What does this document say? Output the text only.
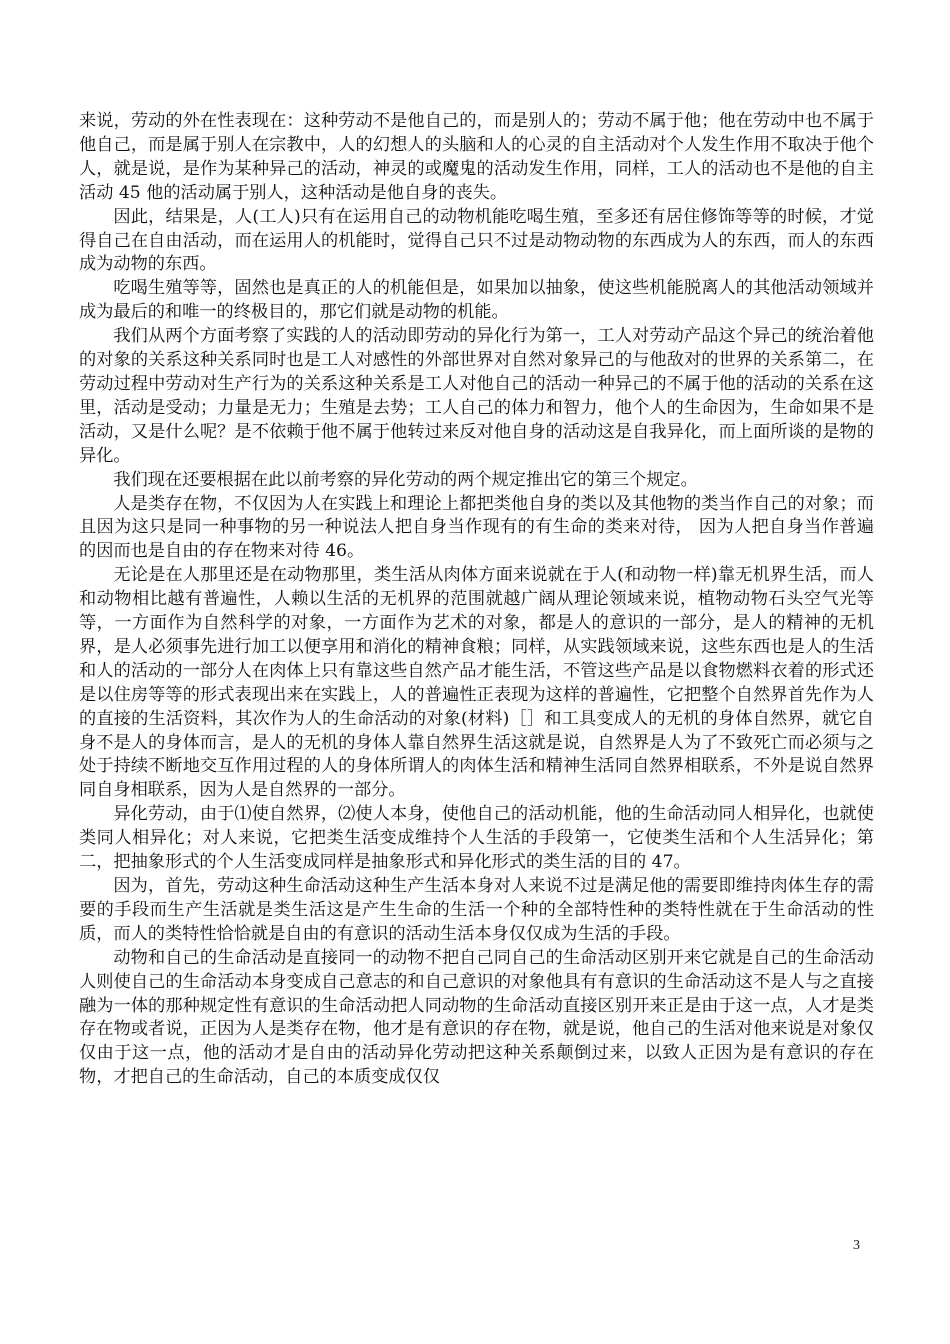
来说，劳动的外在性表现在：这种劳动不是他自己的，而是别人的；劳动不属于他；他在劳动中也不属于他自己，而是属于别人在宗教中，人的幻想人的头脑和人的心灵的自主活动对个人发生作用不取决于他个人，就是说，是作为某种异己的活动，神灵的或魔鬼的活动发生作用，同样，工人的活动也不是他的自主活动 45 他的活动属于别人，这种活动是他自身的丧失。

因此，结果是，人(工人)只有在运用自己的动物机能吃喝生殖，至多还有居住修饰等等的时候，才觉得自己在自由活动，而在运用人的机能时，觉得自己只不过是动物动物的东西成为人的东西，而人的东西成为动物的东西。

吃喝生殖等等，固然也是真正的人的机能但是，如果加以抽象，使这些机能脱离人的其他活动领域并成为最后的和唯一的终极目的，那它们就是动物的机能。

我们从两个方面考察了实践的人的活动即劳动的异化行为第一，工人对劳动产品这个异己的统治着他的对象的关系这种关系同时也是工人对感性的外部世界对自然对象异己的与他敌对的世界的关系第二，在劳动过程中劳动对生产行为的关系这种关系是工人对他自己的活动一种异己的不属于他的活动的关系在这里，活动是受动；力量是无力；生殖是去势；工人自己的体力和智力，他个人的生命因为，生命如果不是活动，又是什么呢？是不依赖于他不属于他转过来反对他自身的活动这是自我异化，而上面所谈的是物的异化。

我们现在还要根据在此以前考察的异化劳动的两个规定推出它的第三个规定。

人是类存在物，不仅因为人在实践上和理论上都把类他自身的类以及其他物的类当作自己的对象；而且因为这只是同一种事物的另一种说法人把自身当作现有的有生命的类来对待， 因为人把自身当作普遍的因而也是自由的存在物来对待 46。

无论是在人那里还是在动物那里，类生活从肉体方面来说就在于人(和动物一样)靠无机界生活，而人和动物相比越有普遍性，人赖以生活的无机界的范围就越广阔从理论领域来说，植物动物石头空气光等等，一方面作为自然科学的对象，一方面作为艺术的对象，都是人的意识的一部分，是人的精神的无机界，是人必须事先进行加工以便享用和消化的精神食粮；同样，从实践领域来说，这些东西也是人的生活和人的活动的一部分人在肉体上只有靠这些自然产品才能生活，不管这些产品是以食物燃料衣着的形式还是以住房等等的形式表现出来在实践上，人的普遍性正表现为这样的普遍性，它把整个自然界首先作为人的直接的生活资料，其次作为人的生命活动的对象(材料)［］和工具变成人的无机的身体自然界，就它自身不是人的身体而言，是人的无机的身体人靠自然界生活这就是说，自然界是人为了不致死亡而必须与之处于持续不断地交互作用过程的人的身体所谓人的肉体生活和精神生活同自然界相联系，不外是说自然界同自身相联系，因为人是自然界的一部分。

异化劳动，由于⑴使自然界，⑵使人本身，使他自己的活动机能，他的生命活动同人相异化，也就使类同人相异化；对人来说，它把类生活变成维持个人生活的手段第一，它使类生活和个人生活异化；第二，把抽象形式的个人生活变成同样是抽象形式和异化形式的类生活的目的 47。

因为，首先，劳动这种生命活动这种生产生活本身对人来说不过是满足他的需要即维持肉体生存的需要的手段而生产生活就是类生活这是产生生命的生活一个种的全部特性种的类特性就在于生命活动的性质，而人的类特性恰恰就是自由的有意识的活动生活本身仅仅成为生活的手段。

动物和自己的生命活动是直接同一的动物不把自己同自己的生命活动区别开来它就是自己的生命活动人则使自己的生命活动本身变成自己意志的和自己意识的对象他具有有意识的生命活动这不是人与之直接融为一体的那种规定性有意识的生命活动把人同动物的生命活动直接区别开来正是由于这一点，人才是类存在物或者说，正因为人是类存在物，他才是有意识的存在物，就是说，他自己的生活对他来说是对象仅仅由于这一点，他的活动才是自由的活动异化劳动把这种关系颠倒过来，以致人正因为是有意识的存在物，才把自己的生命活动，自己的本质变成仅仅

3
